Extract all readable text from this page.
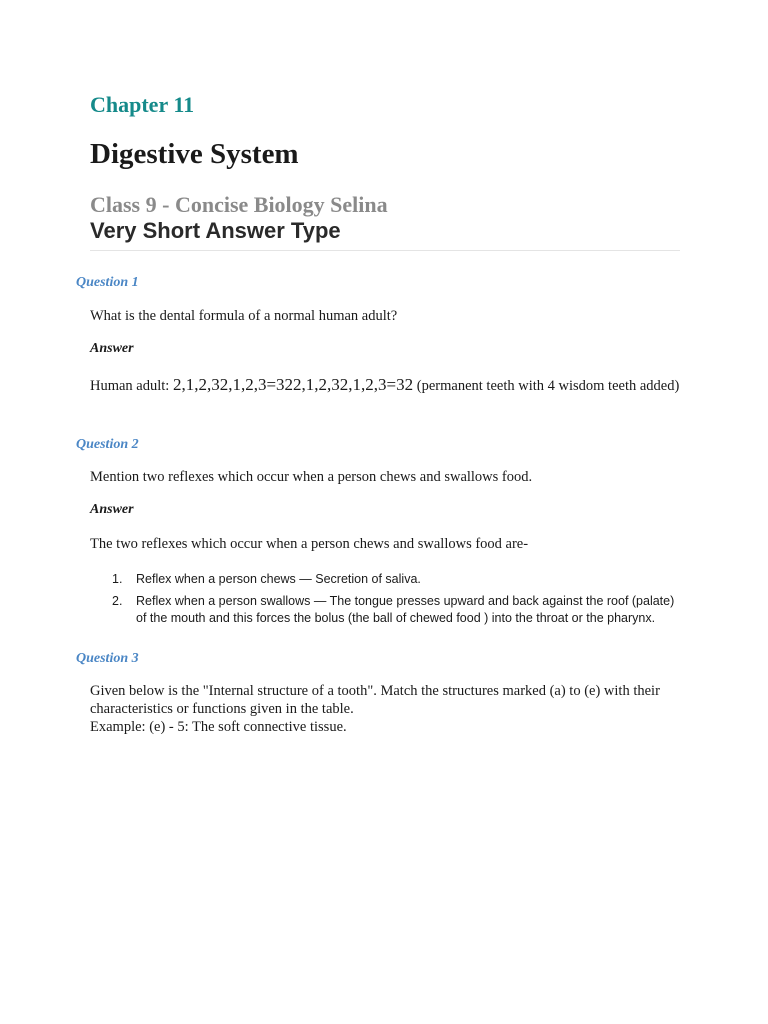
Chapter 11
Digestive System
Class 9 - Concise Biology Selina
Very Short Answer Type

Question 1

What is the dental formula of a normal human adult?

Answer

Human adult: 2,1,2,32,1,2,3=322,1,2,32,1,2,3=32 (permanent teeth with 4 wisdom teeth added)

Question 2

Mention two reflexes which occur when a person chews and swallows food.

Answer

The two reflexes which occur when a person chews and swallows food are-

1. Reflex when a person chews — Secretion of saliva.
2. Reflex when a person swallows — The tongue presses upward and back against the roof (palate) of the mouth and this forces the bolus (the ball of chewed food ) into the throat or the pharynx.

Question 3

Given below is the "Internal structure of a tooth". Match the structures marked (a) to (e) with their characteristics or functions given in the table.

Example: (e) - 5: The soft connective tissue.
